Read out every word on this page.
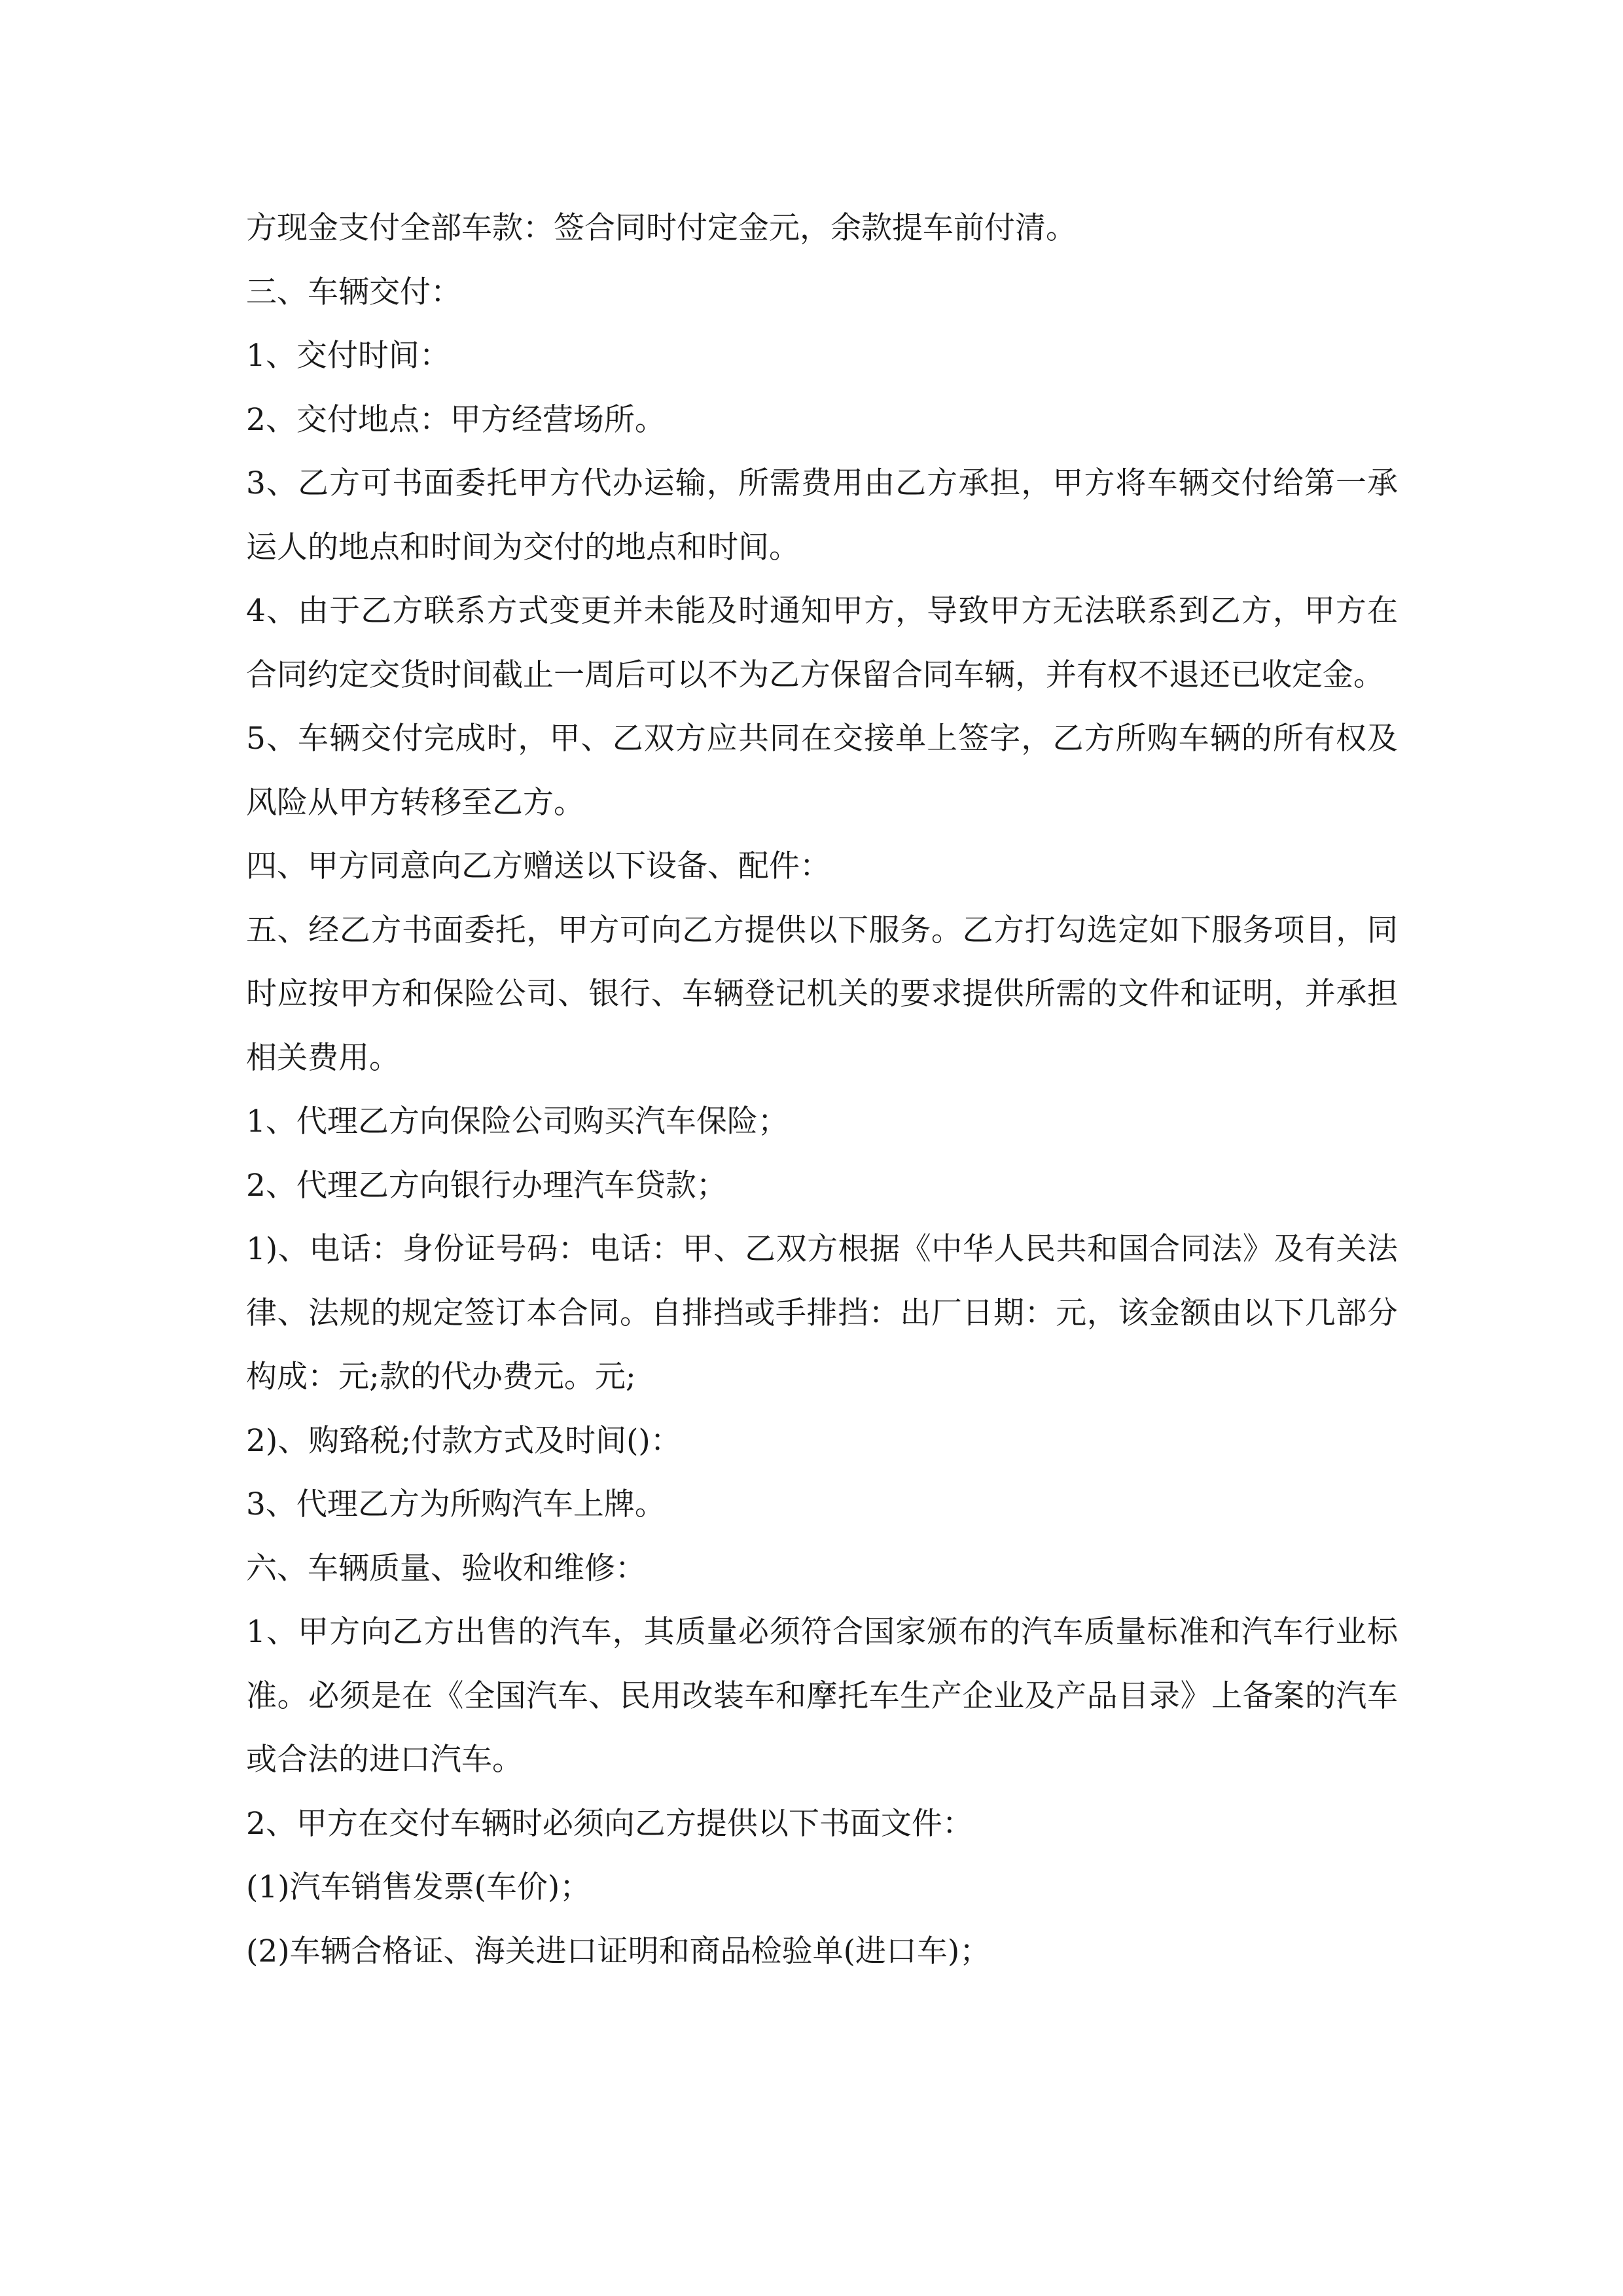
方现金支付全部车款：签合同时付定金元，余款提车前付清。

三、车辆交付：

1、交付时间：

2、交付地点：甲方经营场所。

3、乙方可书面委托甲方代办运输，所需费用由乙方承担，甲方将车辆交付给第一承运人的地点和时间为交付的地点和时间。

4、由于乙方联系方式变更并未能及时通知甲方，导致甲方无法联系到乙方，甲方在合同约定交货时间截止一周后可以不为乙方保留合同车辆，并有权不退还已收定金。

5、车辆交付完成时，甲、乙双方应共同在交接单上签字，乙方所购车辆的所有权及风险从甲方转移至乙方。

四、甲方同意向乙方赠送以下设备、配件：

五、经乙方书面委托，甲方可向乙方提供以下服务。乙方打勾选定如下服务项目，同时应按甲方和保险公司、银行、车辆登记机关的要求提供所需的文件和证明，并承担相关费用。

1、代理乙方向保险公司购买汽车保险；

2、代理乙方向银行办理汽车贷款；

1)、电话：身份证号码：电话：甲、乙双方根据《中华人民共和国合同法》及有关法律、法规的规定签订本合同。自排挡或手排挡：出厂日期：元，该金额由以下几部分构成：元;款的代办费元。元;

2)、购臵税;付款方式及时间()：

3、代理乙方为所购汽车上牌。

六、车辆质量、验收和维修：

1、甲方向乙方出售的汽车，其质量必须符合国家颁布的汽车质量标准和汽车行业标准。必须是在《全国汽车、民用改装车和摩托车生产企业及产品目录》上备案的汽车或合法的进口汽车。

2、甲方在交付车辆时必须向乙方提供以下书面文件：

(1)汽车销售发票(车价)；

(2)车辆合格证、海关进口证明和商品检验单(进口车)；
